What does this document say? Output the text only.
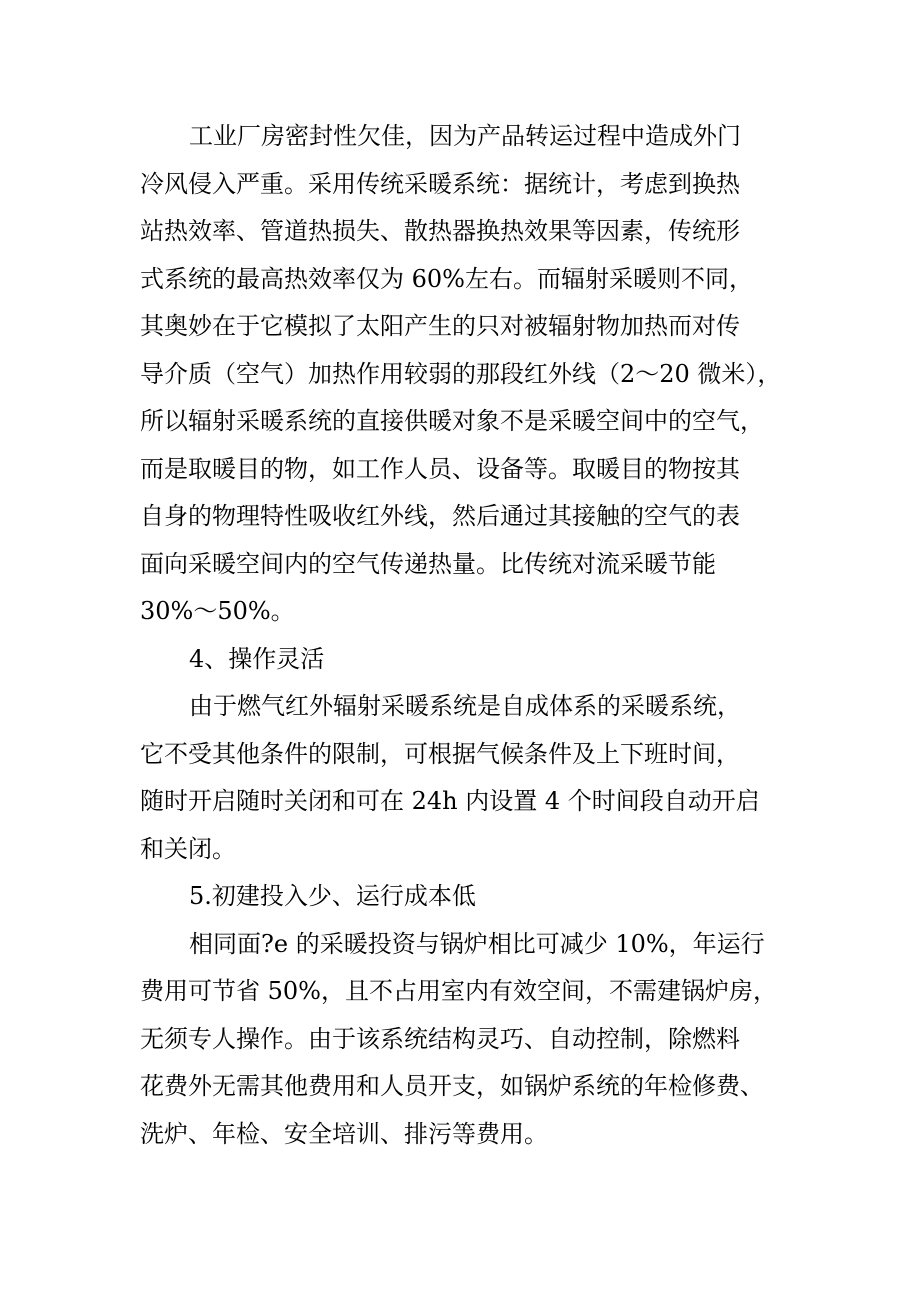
工业厂房密封性欠佳，因为产品转运过程中造成外门
冷风侵入严重。采用传统采暖系统：据统计，考虑到换热
站热效率、管道热损失、散热器换热效果等因素，传统形
式系统的最高热效率仅为 60%左右。而辐射采暖则不同，
其奥妙在于它模拟了太阳产生的只对被辐射物加热而对传
导介质（空气）加热作用较弱的那段红外线（2～20 微米），
所以辐射采暖系统的直接供暖对象不是采暖空间中的空气，
而是取暖目的物，如工作人员、设备等。取暖目的物按其
自身的物理特性吸收红外线，然后通过其接触的空气的表
面向采暖空间内的空气传递热量。比传统对流采暖节能
30%～50%。
4、操作灵活
由于燃气红外辐射采暖系统是自成体系的采暖系统，
它不受其他条件的限制，可根据气候条件及上下班时间，
随时开启随时关闭和可在 24h 内设置 4 个时间段自动开启
和关闭。
5.初建投入少、运行成本低
相同面?e 的采暖投资与锅炉相比可减少 10%，年运行
费用可节省 50%，且不占用室内有效空间，不需建锅炉房，
无须专人操作。由于该系统结构灵巧、自动控制，除燃料
花费外无需其他费用和人员开支，如锅炉系统的年检修费、
洗炉、年检、安全培训、排污等费用。
